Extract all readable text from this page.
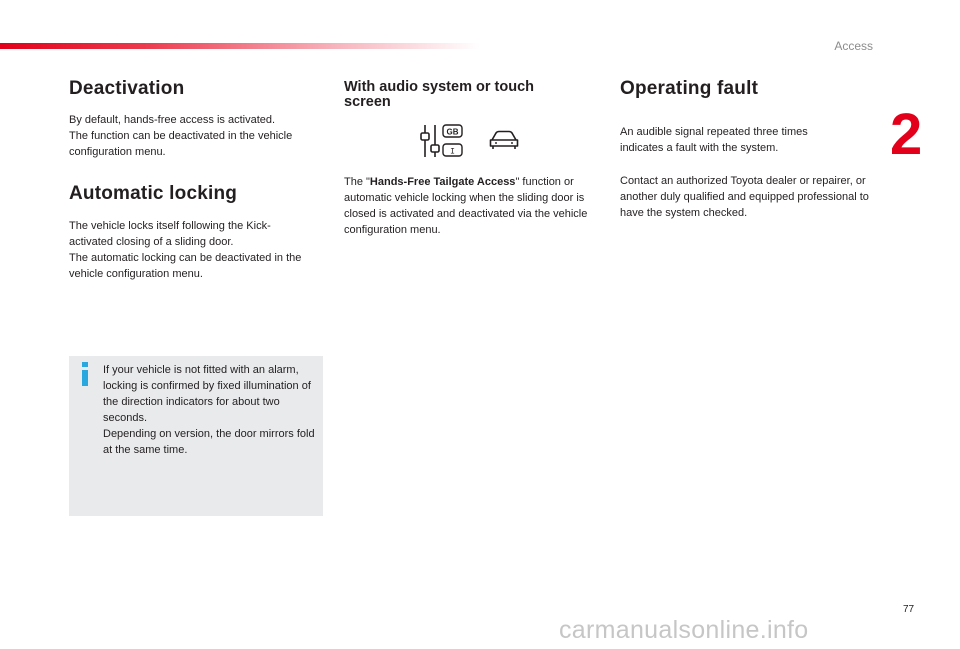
Access
2
Deactivation

By default, hands-free access is activated.
The function can be deactivated in the vehicle configuration menu.

Automatic locking

The vehicle locks itself following the Kick-activated closing of a sliding door.
The automatic locking can be deactivated in the vehicle configuration menu.

If your vehicle is not fitted with an alarm, locking is confirmed by fixed illumination of the direction indicators for about two seconds.
Depending on version, the door mirrors fold at the same time.

With audio system or touch screen
GB
I

The "Hands-Free Tailgate Access" function or automatic vehicle locking when the sliding door is closed is activated and deactivated via the vehicle configuration menu.

Operating fault

An audible signal repeated three times indicates a fault with the system.

Contact an authorized Toyota dealer or repairer, or another duly qualified and equipped professional to have the system checked.

77
carmanualsonline.info
